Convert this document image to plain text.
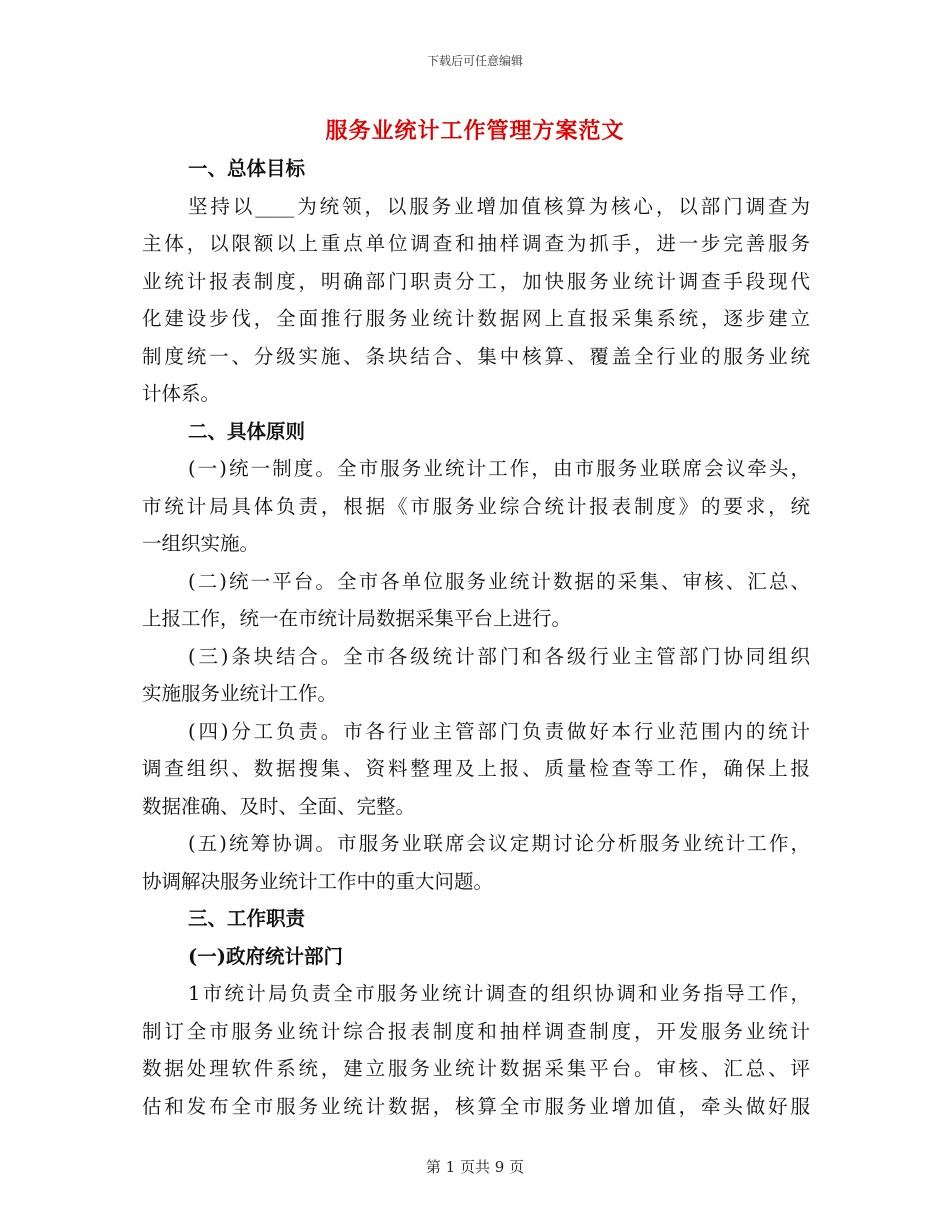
下载后可任意编辑
服务业统计工作管理方案范文
一、总体目标
坚持以____为统领，以服务业增加值核算为核心，以部门调查为
主体，以限额以上重点单位调查和抽样调查为抓手，进一步完善服务
业统计报表制度，明确部门职责分工，加快服务业统计调查手段现代
化建设步伐，全面推行服务业统计数据网上直报采集系统，逐步建立
制度统一、分级实施、条块结合、集中核算、覆盖全行业的服务业统
计体系。
二、具体原则
(一)统一制度。全市服务业统计工作，由市服务业联席会议牵头，
市统计局具体负责，根据《市服务业综合统计报表制度》的要求，统
一组织实施。
(二)统一平台。全市各单位服务业统计数据的采集、审核、汇总、
上报工作，统一在市统计局数据采集平台上进行。
(三)条块结合。全市各级统计部门和各级行业主管部门协同组织
实施服务业统计工作。
(四)分工负责。市各行业主管部门负责做好本行业范围内的统计
调查组织、数据搜集、资料整理及上报、质量检查等工作，确保上报
数据准确、及时、全面、完整。
(五)统筹协调。市服务业联席会议定期讨论分析服务业统计工作，
协调解决服务业统计工作中的重大问题。
三、工作职责
(一)政府统计部门
1市统计局负责全市服务业统计调查的组织协调和业务指导工作，
制订全市服务业统计综合报表制度和抽样调查制度，开发服务业统计
数据处理软件系统，建立服务业统计数据采集平台。审核、汇总、评
估和发布全市服务业统计数据，核算全市服务业增加值，牵头做好服
第 1 页共 9 页
